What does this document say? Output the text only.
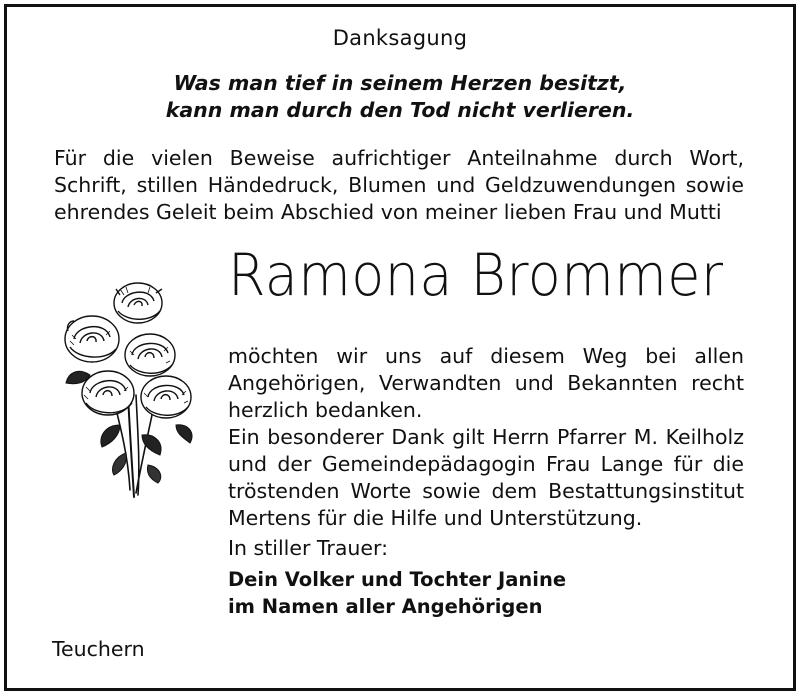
Danksagung
Was man tief in seinem Herzen besitzt,
kann man durch den Tod nicht verlieren.
Für die vielen Beweise aufrichtiger Anteilnahme durch Wort,
Schrift, stillen Händedruck, Blumen und Geldzuwendungen sowie
ehrendes Geleit beim Abschied von meiner lieben Frau und Mutti
Ramona Brommer
möchten wir uns auf diesem Weg bei allen
Angehörigen, Verwandten und Bekannten recht
herzlich bedanken.
Ein besonderer Dank gilt Herrn Pfarrer M. Keilholz
und der Gemeindepädagogin Frau Lange für die
tröstenden Worte sowie dem Bestattungsinstitut
Mertens für die Hilfe und Unterstützung.
In stiller Trauer:
Dein Volker und Tochter Janine
im Namen aller Angehörigen
Teuchern
